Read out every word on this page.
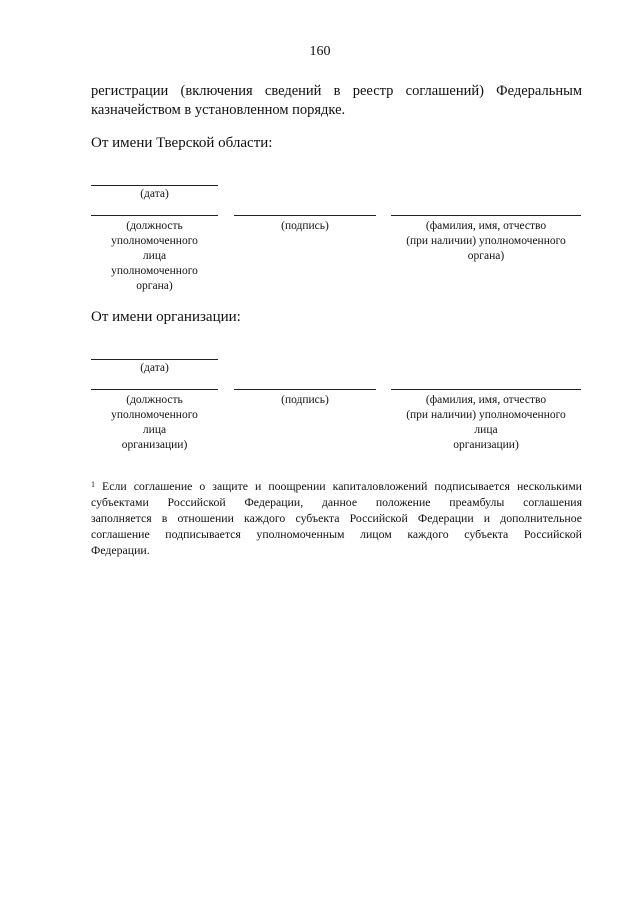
160
регистрации (включения сведений в реестр соглашений) Федеральным
казначейством в установленном порядке.
От имени Тверской области:
(дата)
(должность
уполномоченного
лица
уполномоченного
органа)
(подпись)	(фамилия, имя, отчество
(при наличии) уполномоченного
органа)
От имени организации:
(дата)
(должность
уполномоченного
лица
организации)
(подпись)	(фамилия, имя, отчество
(при наличии) уполномоченного
лица
организации)
$^1$ Если соглашение о защите и поощрении капиталовложений подписывается несколькими
субъектами Российской Федерации, данное положение преамбулы соглашения
заполняется в отношении каждого субъекта Российской Федерации и дополнительное
соглашение подписывается уполномоченным лицом каждого субъекта Российской
Федерации.
